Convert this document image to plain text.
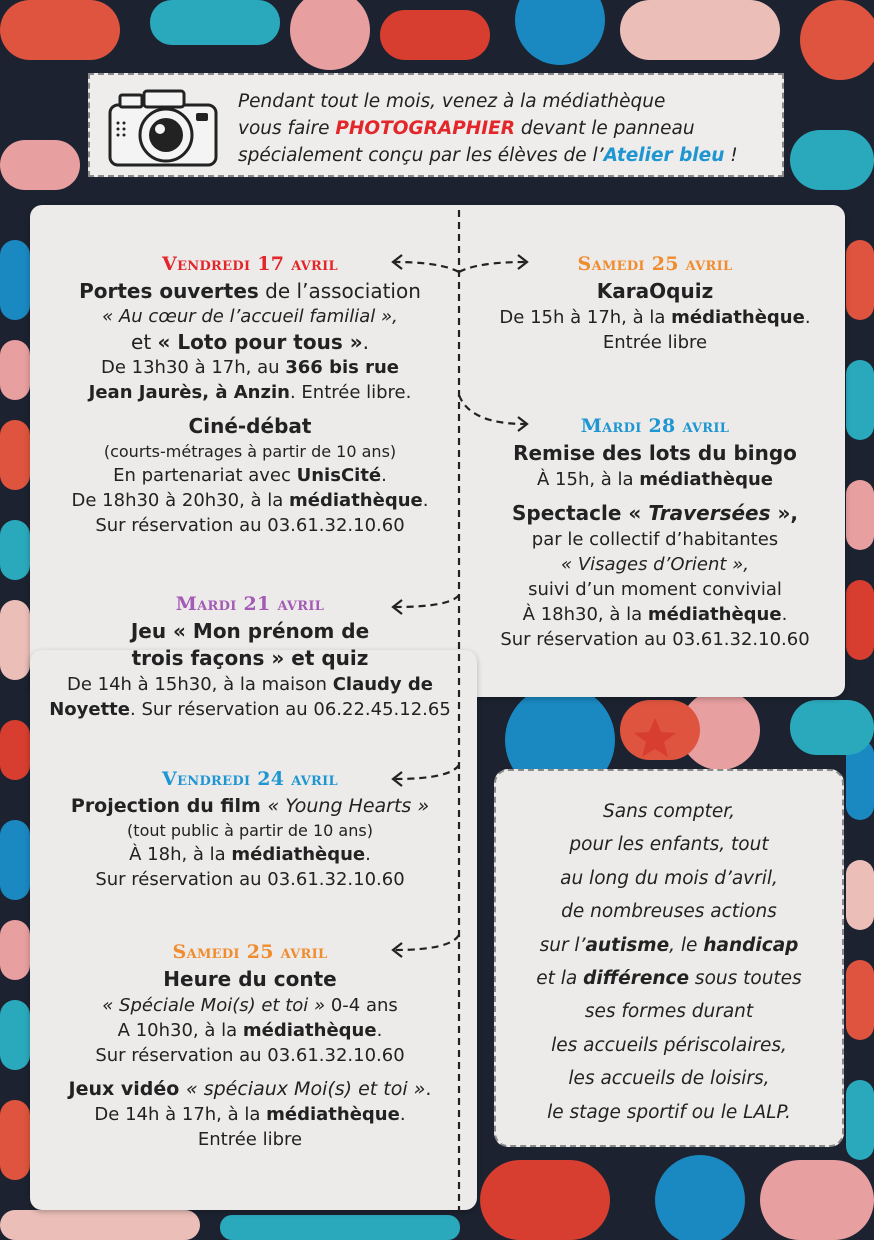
Pendant tout le mois, venez à la médiathèque
vous faire PHOTOGRAPHIER devant le panneau
spécialement conçu par les élèves de l’Atelier bleu !
Vendredi 17 avril
Portes ouvertes de l’association
« Au cœur de l’accueil familial »,
et « Loto pour tous ».
De 13h30 à 17h, au 366 bis rue
Jean Jaurès, à Anzin. Entrée libre.
Ciné-débat
(courts-métrages à partir de 10 ans)
En partenariat avec UnisCité.
De 18h30 à 20h30, à la médiathèque.
Sur réservation au 03.61.32.10.60
Mardi 21 avril
Jeu « Mon prénom de
trois façons » et quiz
De 14h à 15h30, à la maison Claudy de
Noyette. Sur réservation au 06.22.45.12.65
Vendredi 24 avril
Projection du film « Young Hearts »
(tout public à partir de 10 ans)
À 18h, à la médiathèque.
Sur réservation au 03.61.32.10.60
Samedi 25 avril
Heure du conte
« Spéciale Moi(s) et toi » 0-4 ans
A 10h30, à la médiathèque.
Sur réservation au 03.61.32.10.60
Jeux vidéo « spéciaux Moi(s) et toi ».
De 14h à 17h, à la médiathèque.
Entrée libre
Samedi 25 avril
KaraOquiz
De 15h à 17h, à la médiathèque.
Entrée libre
Mardi 28 avril
Remise des lots du bingo
À 15h, à la médiathèque
Spectacle « Traversées »,
par le collectif d’habitantes
« Visages d’Orient »,
suivi d’un moment convivial
À 18h30, à la médiathèque.
Sur réservation au 03.61.32.10.60
Sans compter,
pour les enfants, tout
au long du mois d’avril,
de nombreuses actions
sur l’autisme, le handicap
et la différence sous toutes
ses formes durant
les accueils périscolaires,
les accueils de loisirs,
le stage sportif ou le LALP.
